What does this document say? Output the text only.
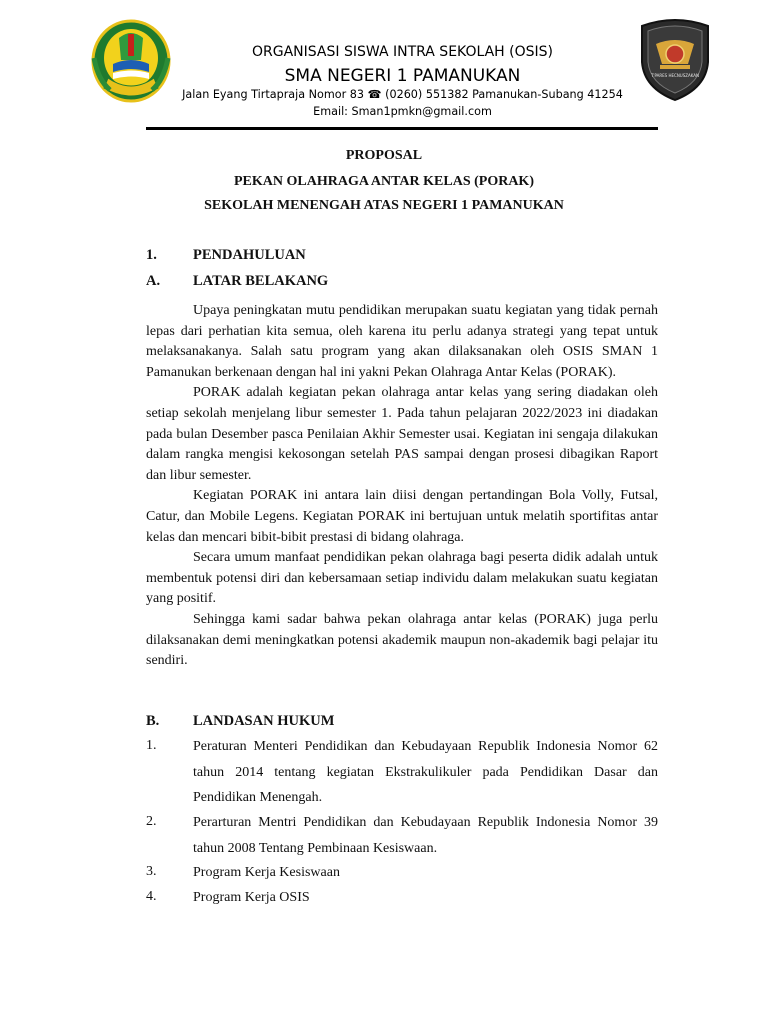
ORGANISASI SISWA INTRA SEKOLAH (OSIS)
SMA NEGERI 1 PAMANUKAN
Jalan Eyang Tirtapraja Nomor 83 ☎ (0260) 551382 Pamanukan-Subang 41254
Email: Sman1pmkn@gmail.com
T'PARES HECNUSZAKAN
PROPOSAL
PEKAN OLAHRAGA ANTAR KELAS (PORAK)
SEKOLAH MENENGAH ATAS NEGERI 1 PAMANUKAN
1. PENDAHULUAN
A. LATAR BELAKANG

Upaya peningkatan mutu pendidikan merupakan suatu kegiatan yang tidak pernah lepas dari perhatian kita semua, oleh karena itu perlu adanya strategi yang tepat untuk melaksanakanya. Salah satu program yang akan dilaksanakan oleh OSIS SMAN 1 Pamanukan berkenaan dengan hal ini yakni Pekan Olahraga Antar Kelas (PORAK).

PORAK adalah kegiatan pekan olahraga antar kelas yang sering diadakan oleh setiap sekolah menjelang libur semester 1. Pada tahun pelajaran 2022/2023 ini diadakan pada bulan Desember pasca Penilaian Akhir Semester usai. Kegiatan ini sengaja dilakukan dalam rangka mengisi kekosongan setelah PAS sampai dengan prosesi dibagikan Raport dan libur semester.

Kegiatan PORAK ini antara lain diisi dengan pertandingan Bola Volly, Futsal, Catur, dan Mobile Legens. Kegiatan PORAK ini bertujuan untuk melatih sportifitas antar kelas dan mencari bibit-bibit prestasi di bidang olahraga.

Secara umum manfaat pendidikan pekan olahraga bagi peserta didik adalah untuk membentuk potensi diri dan kebersamaan setiap individu dalam melakukan suatu kegiatan yang positif.

Sehingga kami sadar bahwa pekan olahraga antar kelas (PORAK) juga perlu dilaksanakan demi meningkatkan potensi akademik maupun non-akademik bagi pelajar itu sendiri.

B. LANDASAN HUKUM
1.	Peraturan Menteri Pendidikan dan Kebudayaan Republik Indonesia Nomor 62 tahun 2014 tentang kegiatan Ekstrakulikuler pada Pendidikan Dasar dan Pendidikan Menengah.
2.	Perarturan Mentri Pendidikan dan Kebudayaan Republik Indonesia Nomor 39 tahun 2008 Tentang Pembinaan Kesiswaan.
3.	Program Kerja Kesiswaan
4.	Program Kerja OSIS
